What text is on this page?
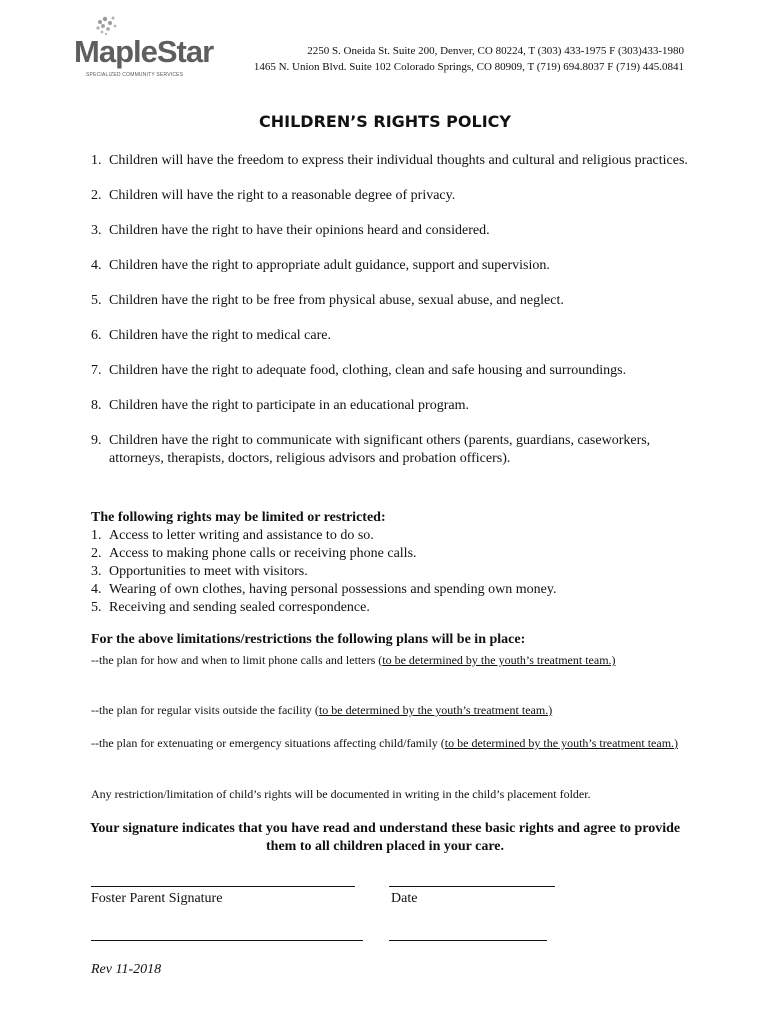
MapleStar
SPECIALIZED COMMUNITY SERVICES
2250 S. Oneida St. Suite 200, Denver, CO 80224, T (303) 433-1975 F (303)433-1980
1465 N. Union Blvd. Suite 102 Colorado Springs, CO 80909, T (719) 694.8037 F (719) 445.0841
CHILDREN’S RIGHTS POLICY
1. Children will have the freedom to express their individual thoughts and cultural and religious practices.
2. Children will have the right to a reasonable degree of privacy.
3. Children have the right to have their opinions heard and considered.
4. Children have the right to appropriate adult guidance, support and supervision.
5. Children have the right to be free from physical abuse, sexual abuse, and neglect.
6. Children have the right to medical care.
7. Children have the right to adequate food, clothing, clean and safe housing and surroundings.
8. Children have the right to participate in an educational program.
9. Children have the right to communicate with significant others (parents, guardians, caseworkers, attorneys, therapists, doctors, religious advisors and probation officers).
The following rights may be limited or restricted:
1. Access to letter writing and assistance to do so.
2. Access to making phone calls or receiving phone calls.
3. Opportunities to meet with visitors.
4. Wearing of own clothes, having personal possessions and spending own money.
5. Receiving and sending sealed correspondence.
For the above limitations/restrictions the following plans will be in place:
--the plan for how and when to limit phone calls and letters (to be determined by the youth’s treatment team.)
--the plan for regular visits outside the facility (to be determined by the youth’s treatment team.)
--the plan for extenuating or emergency situations affecting child/family (to be determined by the youth’s treatment team.)
Any restriction/limitation of child’s rights will be documented in writing in the child’s placement folder.
Your signature indicates that you have read and understand these basic rights and agree to provide them to all children placed in your care.
Foster Parent Signature	Date
Rev 11-2018
